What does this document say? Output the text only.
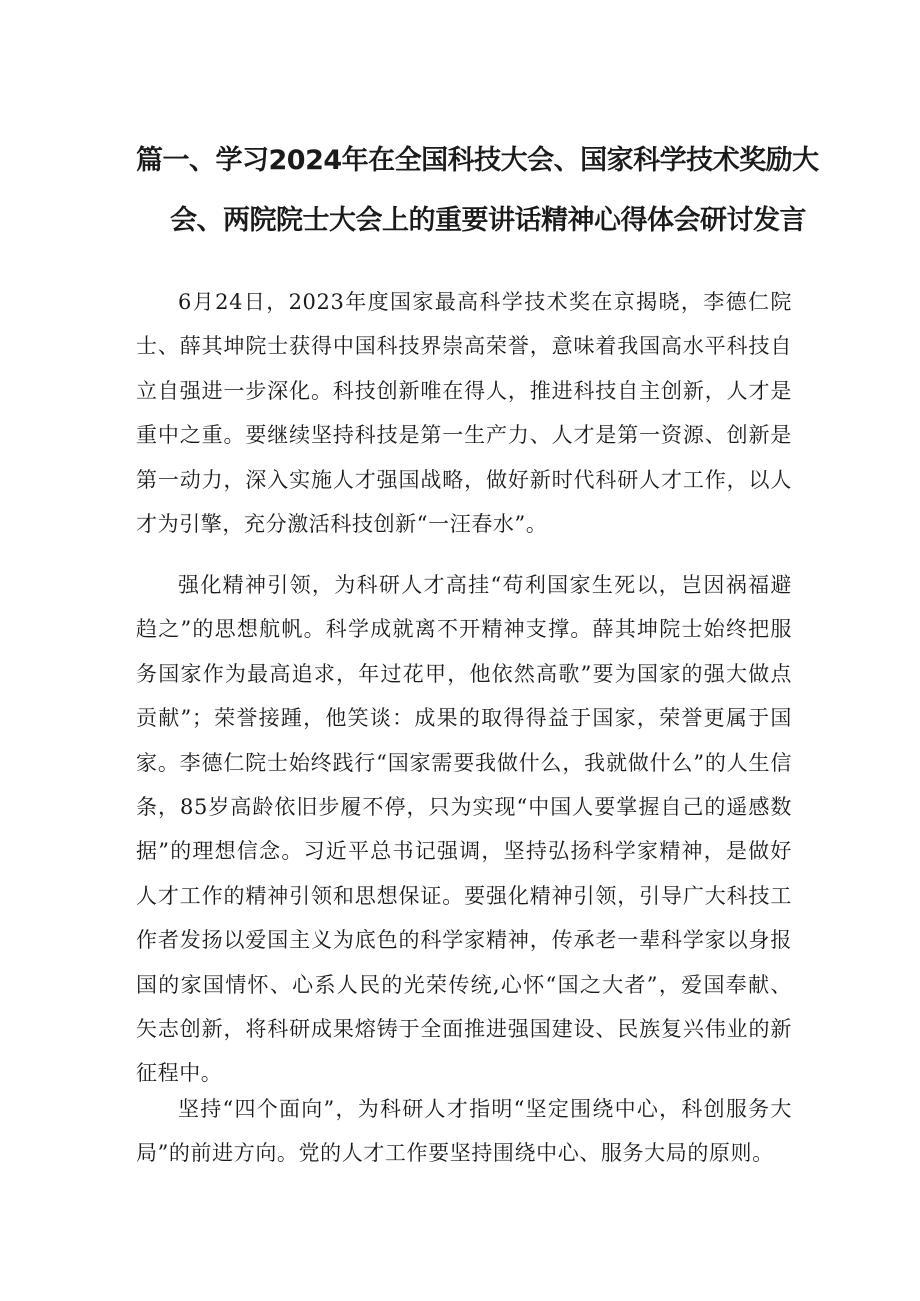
篇一、学习2024年在全国科技大会、国家科学技术奖励大
会、两院院士大会上的重要讲话精神心得体会研讨发言

6月24日，2023年度国家最高科学技术奖在京揭晓，李德仁院士、薛其坤院士获得中国科技界崇高荣誉，意味着我国高水平科技自立自强进一步深化。科技创新唯在得人，推进科技自主创新，人才是重中之重。要继续坚持科技是第一生产力、人才是第一资源、创新是第一动力，深入实施人才强国战略，做好新时代科研人才工作，以人才为引擎，充分激活科技创新“一汪春水”。

强化精神引领，为科研人才高挂“苟利国家生死以，岂因祸福避趋之”的思想航帆。科学成就离不开精神支撑。薛其坤院士始终把服务国家作为最高追求，年过花甲，他依然高歌”要为国家的强大做点贡献”；荣誉接踵，他笑谈：成果的取得得益于国家，荣誉更属于国家。李德仁院士始终践行“国家需要我做什么，我就做什么”的人生信条，85岁高龄依旧步履不停，只为实现“中国人要掌握自己的遥感数据”的理想信念。习近平总书记强调，坚持弘扬科学家精神，是做好人才工作的精神引领和思想保证。要强化精神引领，引导广大科技工作者发扬以爱国主义为底色的科学家精神，传承老一辈科学家以身报国的家国情怀、心系人民的光荣传统,心怀“国之大者”，爱国奉献、矢志创新，将科研成果熔铸于全面推进强国建设、民族复兴伟业的新征程中。

坚持“四个面向”，为科研人才指明“坚定围绕中心，科创服务大局”的前进方向。党的人才工作要坚持围绕中心、服务大局的原则。
